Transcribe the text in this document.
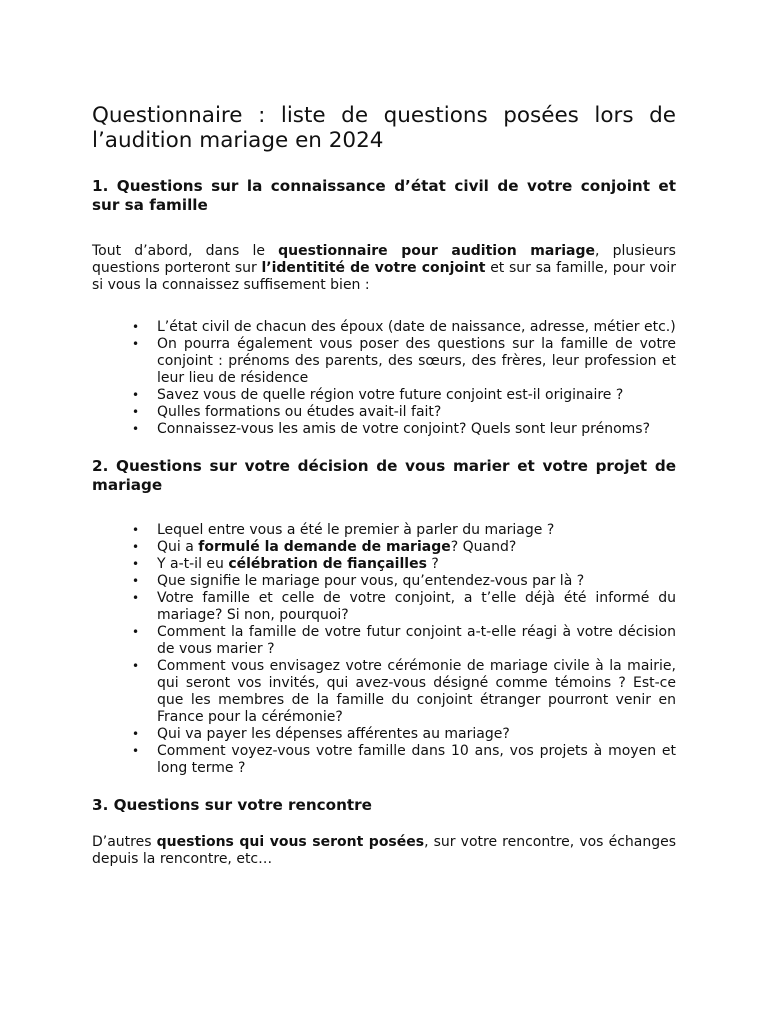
Questionnaire : liste de questions posées lors de l’audition mariage en 2024
1. Questions sur la connaissance d’état civil de votre conjoint et sur sa famille

Tout d’abord, dans le questionnaire pour audition mariage, plusieurs questions porteront sur l’identitité de votre conjoint et sur sa famille, pour voir si vous la connaissez suffisement bien :

• L’état civil de chacun des époux (date de naissance, adresse, métier etc.)
• On pourra également vous poser des questions sur la famille de votre conjoint : prénoms des parents, des sœurs, des frères, leur profession et leur lieu de résidence
• Savez vous de quelle région votre future conjoint est-il originaire ?
• Qulles formations ou études avait-il fait?
• Connaissez-vous les amis de votre conjoint? Quels sont leur prénoms?
2. Questions sur votre décision de vous marier et votre projet de mariage
• Lequel entre vous a été le premier à parler du mariage ?
• Qui a formulé la demande de mariage? Quand?
• Y a-t-il eu célébration de fiançailles ?
• Que signifie le mariage pour vous, qu’entendez-vous par là ?
• Votre famille et celle de votre conjoint, a t’elle déjà été informé du mariage? Si non, pourquoi?
• Comment la famille de votre futur conjoint a-t-elle réagi à votre décision de vous marier ?
• Comment vous envisagez votre cérémonie de mariage civile à la mairie, qui seront vos invités, qui avez-vous désigné comme témoins ? Est-ce que les membres de la famille du conjoint étranger pourront venir en France pour la cérémonie?
• Qui va payer les dépenses afférentes au mariage?
• Comment voyez-vous votre famille dans 10 ans, vos projets à moyen et long terme ?
3. Questions sur votre rencontre

D’autres questions qui vous seront posées, sur votre rencontre, vos échanges depuis la rencontre, etc…
